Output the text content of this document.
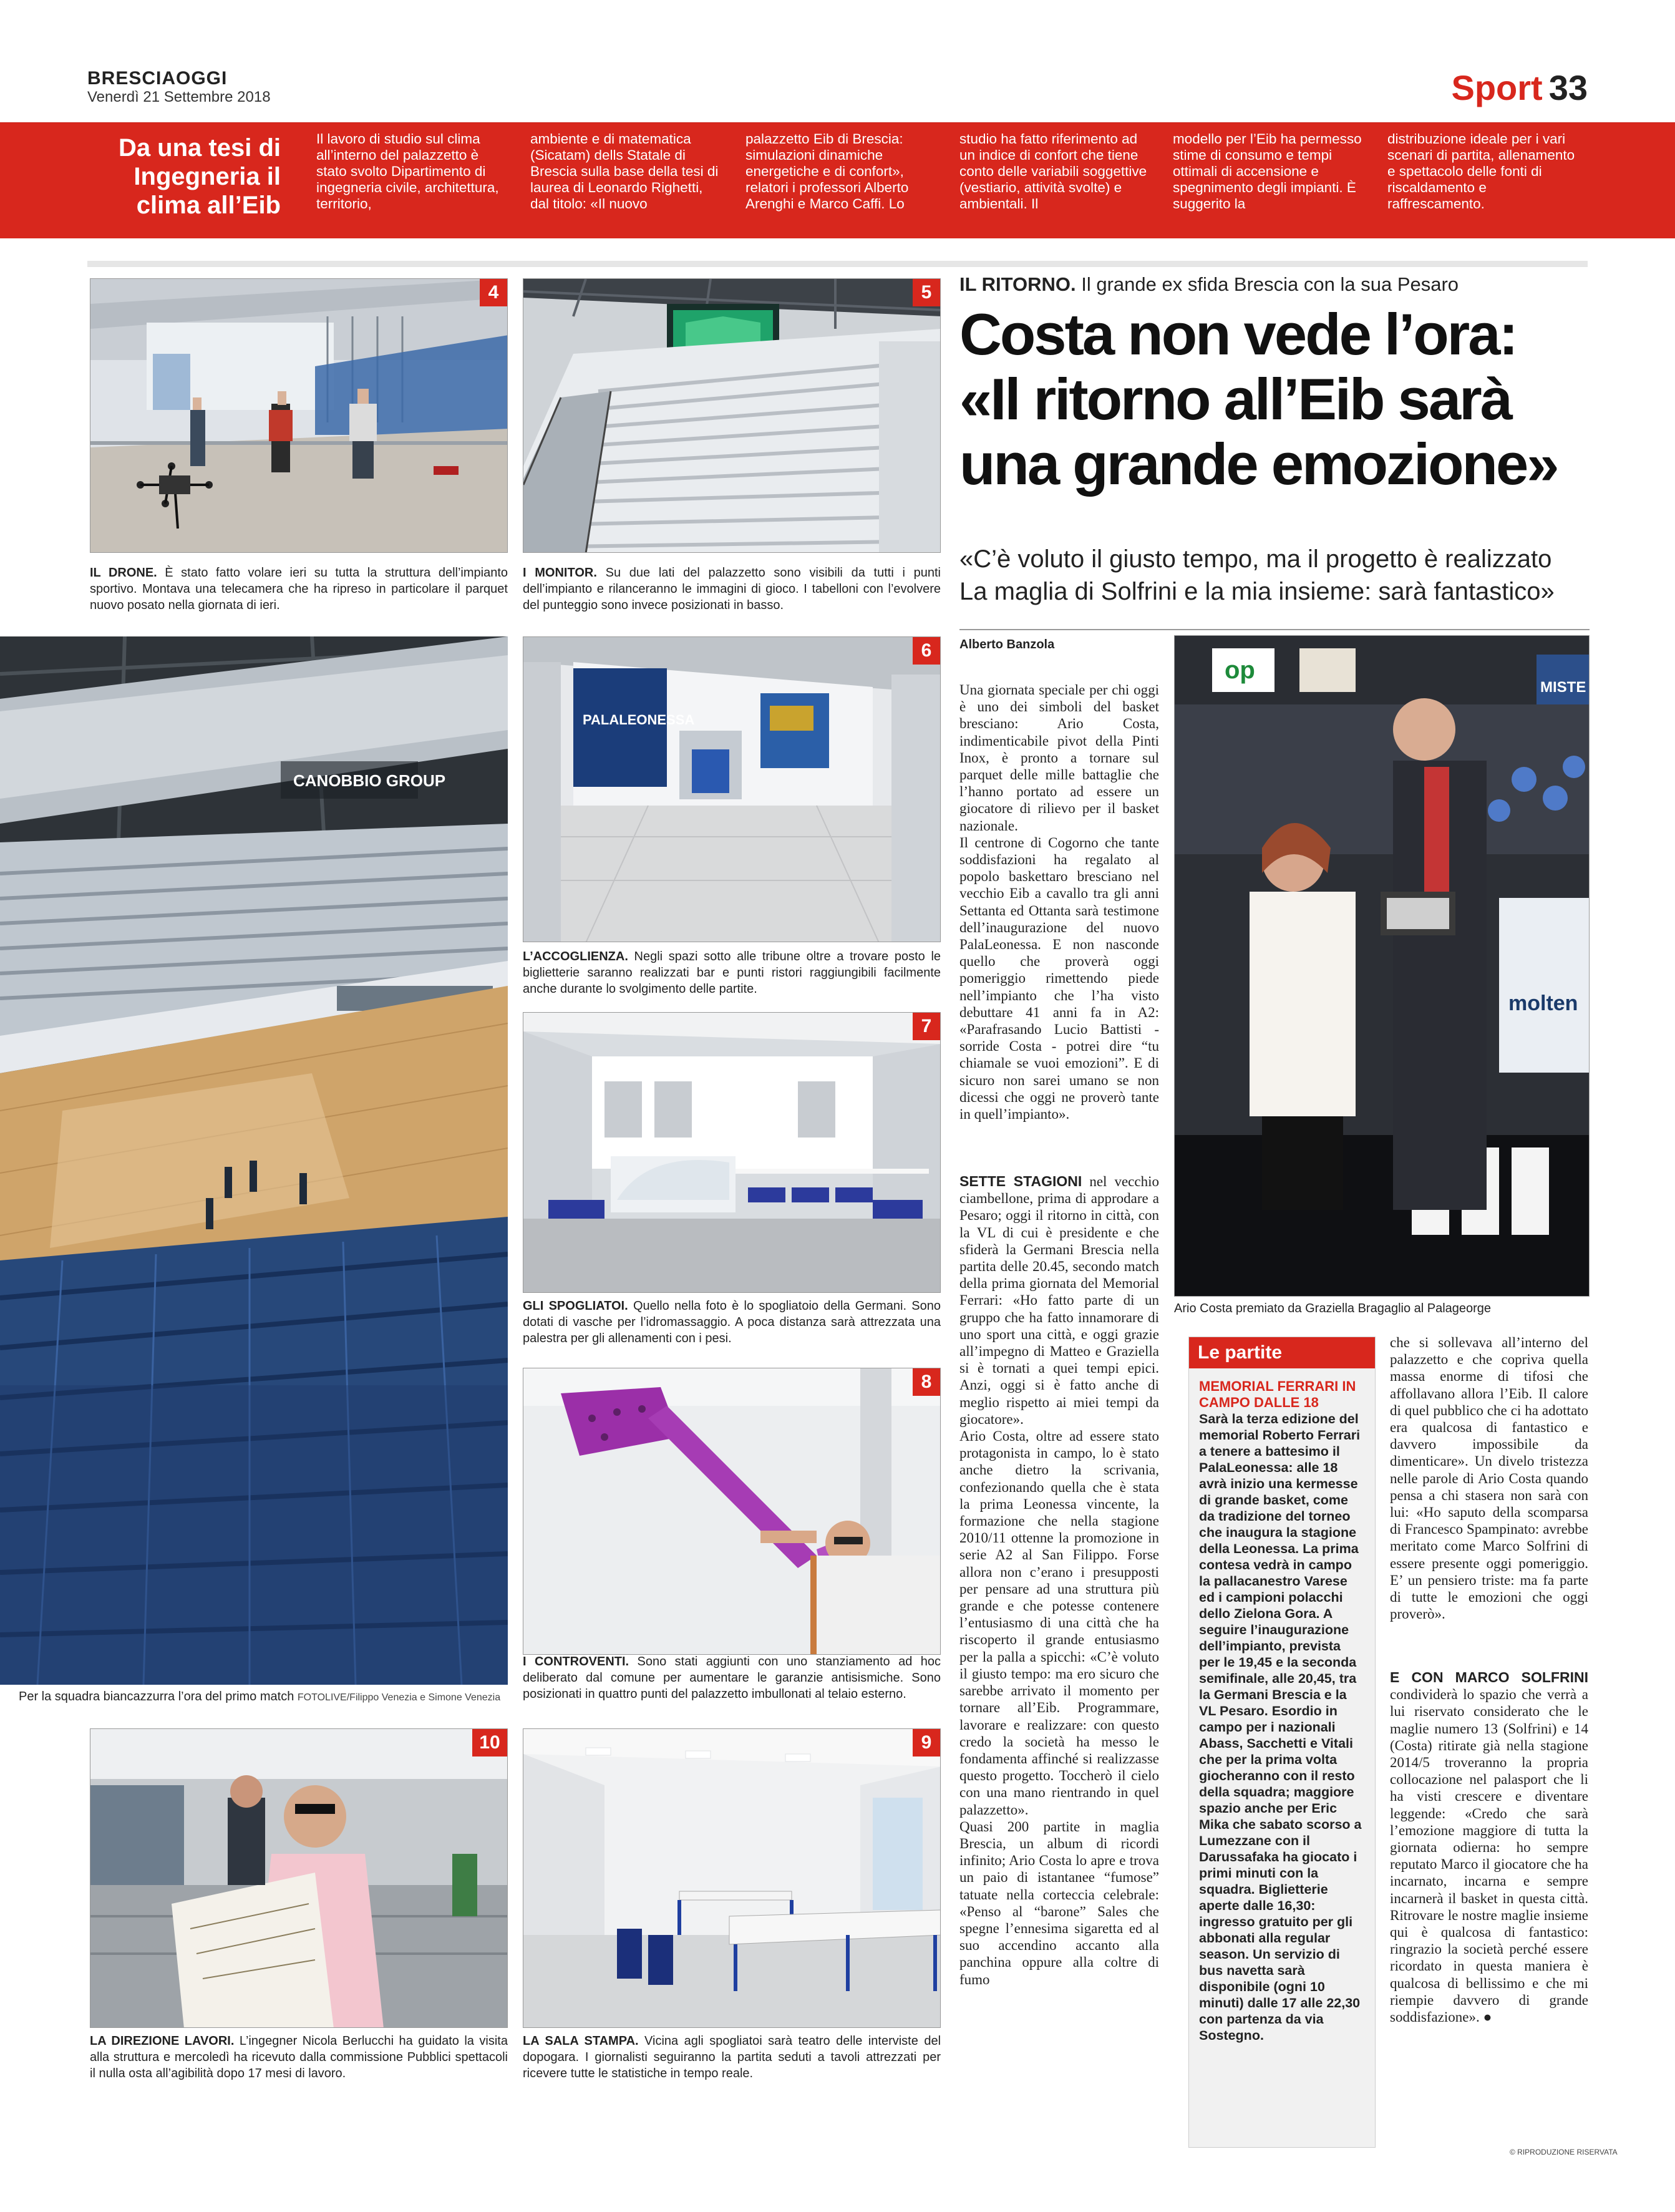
BRESCIAOGGI
Venerdì 21 Settembre 2018	Sport 33
Da una tesi di Ingegneria il clima all’Eib
Il lavoro di studio sul clima all’interno del palazzetto è stato svolto Dipartimento di ingegneria civile, architettura, territorio,
ambiente e di matematica (Sicatam) dells Statale di Brescia sulla base della tesi di laurea di Leonardo Righetti, dal titolo: «Il nuovo
palazzetto Eib di Brescia: simulazioni dinamiche energetiche e di confort», relatori i professori Alberto Arenghi e Marco Caffi. Lo
studio ha fatto riferimento ad un indice di confort che tiene conto delle variabili soggettive (vestiario, attività svolte) e ambientali. Il
modello per l’Eib ha permesso stime di consumo e tempi ottimali di accensione e spegnimento degli impianti. È suggerito la
distribuzione ideale per i vari scenari di partita, allenamento e spettacolo delle fonti di riscaldamento e raffrescamento.
4
IL DRONE. È stato fatto volare ieri su tutta la struttura dell’impianto sportivo. Montava una telecamera che ha ripreso in particolare il parquet nuovo posato nella giornata di ieri.
5
I MONITOR. Su due lati del palazzetto sono visibili da tutti i punti dell’impianto e rilanceranno le immagini di gioco. I tabelloni con l’evolvere del punteggio sono invece posizionati in basso.
CANOBBIO GROUP
Per la squadra biancazzurra l’ora del primo match FOTOLIVE/Filippo Venezia e Simone Venezia
PALALEONESSA
6
L’ACCOGLIENZA. Negli spazi sotto alle tribune oltre a trovare posto le biglietterie saranno realizzati bar e punti ristori raggiungibili facilmente anche durante lo svolgimento delle partite.
7
GLI SPOGLIATOI. Quello nella foto è lo spogliatoio della Germani. Sono dotati di vasche per l’idromassaggio. A poca distanza sarà attrezzata una palestra per gli allenamenti con i pesi.
8
I CONTROVENTI. Sono stati aggiunti con uno stanziamento ad hoc deliberato dal comune per aumentare le garanzie antisismiche. Sono posizionati in quattro punti del palazzetto imbullonati al telaio esterno.
10
LA DIREZIONE LAVORI. L’ingegner Nicola Berlucchi ha guidato la visita alla struttura e mercoledì ha ricevuto dalla commissione Pubblici spettacoli il nulla osta all’agibilità dopo 17 mesi di lavoro.
9
LA SALA STAMPA. Vicina agli spogliatoi sarà teatro delle interviste del dopogara. I giornalisti seguiranno la partita seduti a tavoli attrezzati per ricevere tutte le statistiche in tempo reale.
IL RITORNO. Il grande ex sfida Brescia con la sua Pesaro
Costa non vede l’ora:
«Il ritorno all’Eib sarà
una grande emozione»
«C’è voluto il giusto tempo, ma il progetto è realizzato
La maglia di Solfrini e la mia insieme: sarà fantastico»
Alberto Banzola
Una giornata speciale per chi oggi è uno dei simboli del basket bresciano: Ario Costa, indimenticabile pivot della Pinti Inox, è pronto a tornare sul parquet delle mille battaglie che l’hanno portato ad essere un giocatore di rilievo per il basket nazionale.
Il centrone di Cogorno che tante soddisfazioni ha regalato al popolo baskettaro bresciano nel vecchio Eib a cavallo tra gli anni Settanta ed Ottanta sarà testimone dell’inaugurazione del nuovo PalaLeonessa. E non nasconde quello che proverà oggi pomeriggio rimettendo piede nell’impianto che l’ha visto debuttare 41 anni fa in A2: «Parafrasando Lucio Battisti - sorride Costa - potrei dire “tu chiamale se vuoi emozioni”. E di sicuro non sarei umano se non dicessi che oggi ne proverò tante in quell’impianto».
SETTE STAGIONI nel vecchio ciambellone, prima di approdare a Pesaro; oggi il ritorno in città, con la VL di cui è presidente e che sfiderà la Germani Brescia nella partita delle 20.45, secondo match della prima giornata del Memorial Ferrari: «Ho fatto parte di un gruppo che ha fatto innamorare di uno sport una città, e oggi grazie all’impegno di Matteo e Graziella si è tornati a quei tempi epici. Anzi, oggi si è fatto anche di meglio rispetto ai miei tempi da giocatore».
Ario Costa, oltre ad essere stato protagonista in campo, lo è stato anche dietro la scrivania, confezionando quella che è stata la prima Leonessa vincente, la formazione che nella stagione 2010/11 ottenne la promozione in serie A2 al San Filippo. Forse allora non c’erano i presupposti per pensare ad una struttura più grande e che potesse contenere l’entusiasmo di una città che ha riscoperto il grande entusiasmo per la palla a spicchi: «C’è voluto il giusto tempo: ma ero sicuro che sarebbe arrivato il momento per tornare all’Eib. Programmare, lavorare e realizzare: con questo credo la società ha messo le fondamenta affinché si realizzasse questo progetto. Toccherò il cielo con una mano rientrando in quel palazzetto».
Quasi 200 partite in maglia Brescia, un album di ricordi infinito; Ario Costa lo apre e trova un paio di istantanee “fumose” tatuate nella corteccia celebrale: «Penso al “barone” Sales che spegne l’ennesima sigaretta ed al suo accendino accanto alla panchina oppure alla coltre di fumo
op
MISTE
molten
Ario Costa premiato da Graziella Bragaglio al Palageorge
Le partite
MEMORIAL FERRARI IN CAMPO DALLE 18
Sarà la terza edizione del memorial Roberto Ferrari a tenere a battesimo il PalaLeonessa: alle 18 avrà inizio una kermesse di grande basket, come da tradizione del torneo che inaugura la stagione della Leonessa. La prima contesa vedrà in campo la pallacanestro Varese ed i campioni polacchi dello Zielona Gora. A seguire l’inaugurazione dell’impianto, prevista per le 19,45 e la seconda semifinale, alle 20,45, tra la Germani Brescia e la VL Pesaro. Esordio in campo per i nazionali Abass, Sacchetti e Vitali che per la prima volta giocheranno con il resto della squadra; maggiore spazio anche per Eric Mika che sabato scorso a Lumezzane con il Darussafaka ha giocato i primi minuti con la squadra. Biglietterie aperte dalle 16,30: ingresso gratuito per gli abbonati alla regular season. Un servizio di bus navetta sarà disponibile (ogni 10 minuti) dalle 17 alle 22,30 con partenza da via Sostegno.
che si sollevava all’interno del palazzetto e che copriva quella massa enorme di tifosi che affollavano allora l’Eib. Il calore di quel pubblico che ci ha adottato era qualcosa di fantastico e davvero impossibile da dimenticare». Un divelo tristezza nelle parole di Ario Costa quando pensa a chi stasera non sarà con lui: «Ho saputo della scomparsa di Francesco Spampinato: avrebbe meritato come Marco Solfrini di essere presente oggi pomeriggio. E’ un pensiero triste: ma fa parte di tutte le emozioni che oggi proverò».
E CON MARCO SOLFRINI condividerà lo spazio che verrà a lui riservato considerato che le maglie numero 13 (Solfrini) e 14 (Costa) ritirate già nella stagione 2014/5 troveranno la propria collocazione nel palasport che li ha visti crescere e diventare leggende: «Credo che sarà l’emozione maggiore di tutta la giornata odierna: ho sempre reputato Marco il giocatore che ha incarnato, incarna e sempre incarnerà il basket in questa città. Ritrovare le nostre maglie insieme qui è qualcosa di fantastico: ringrazio la società perché essere ricordato in questa maniera è qualcosa di bellissimo e che mi riempie davvero di grande soddisfazione». ●
© RIPRODUZIONE RISERVATA
